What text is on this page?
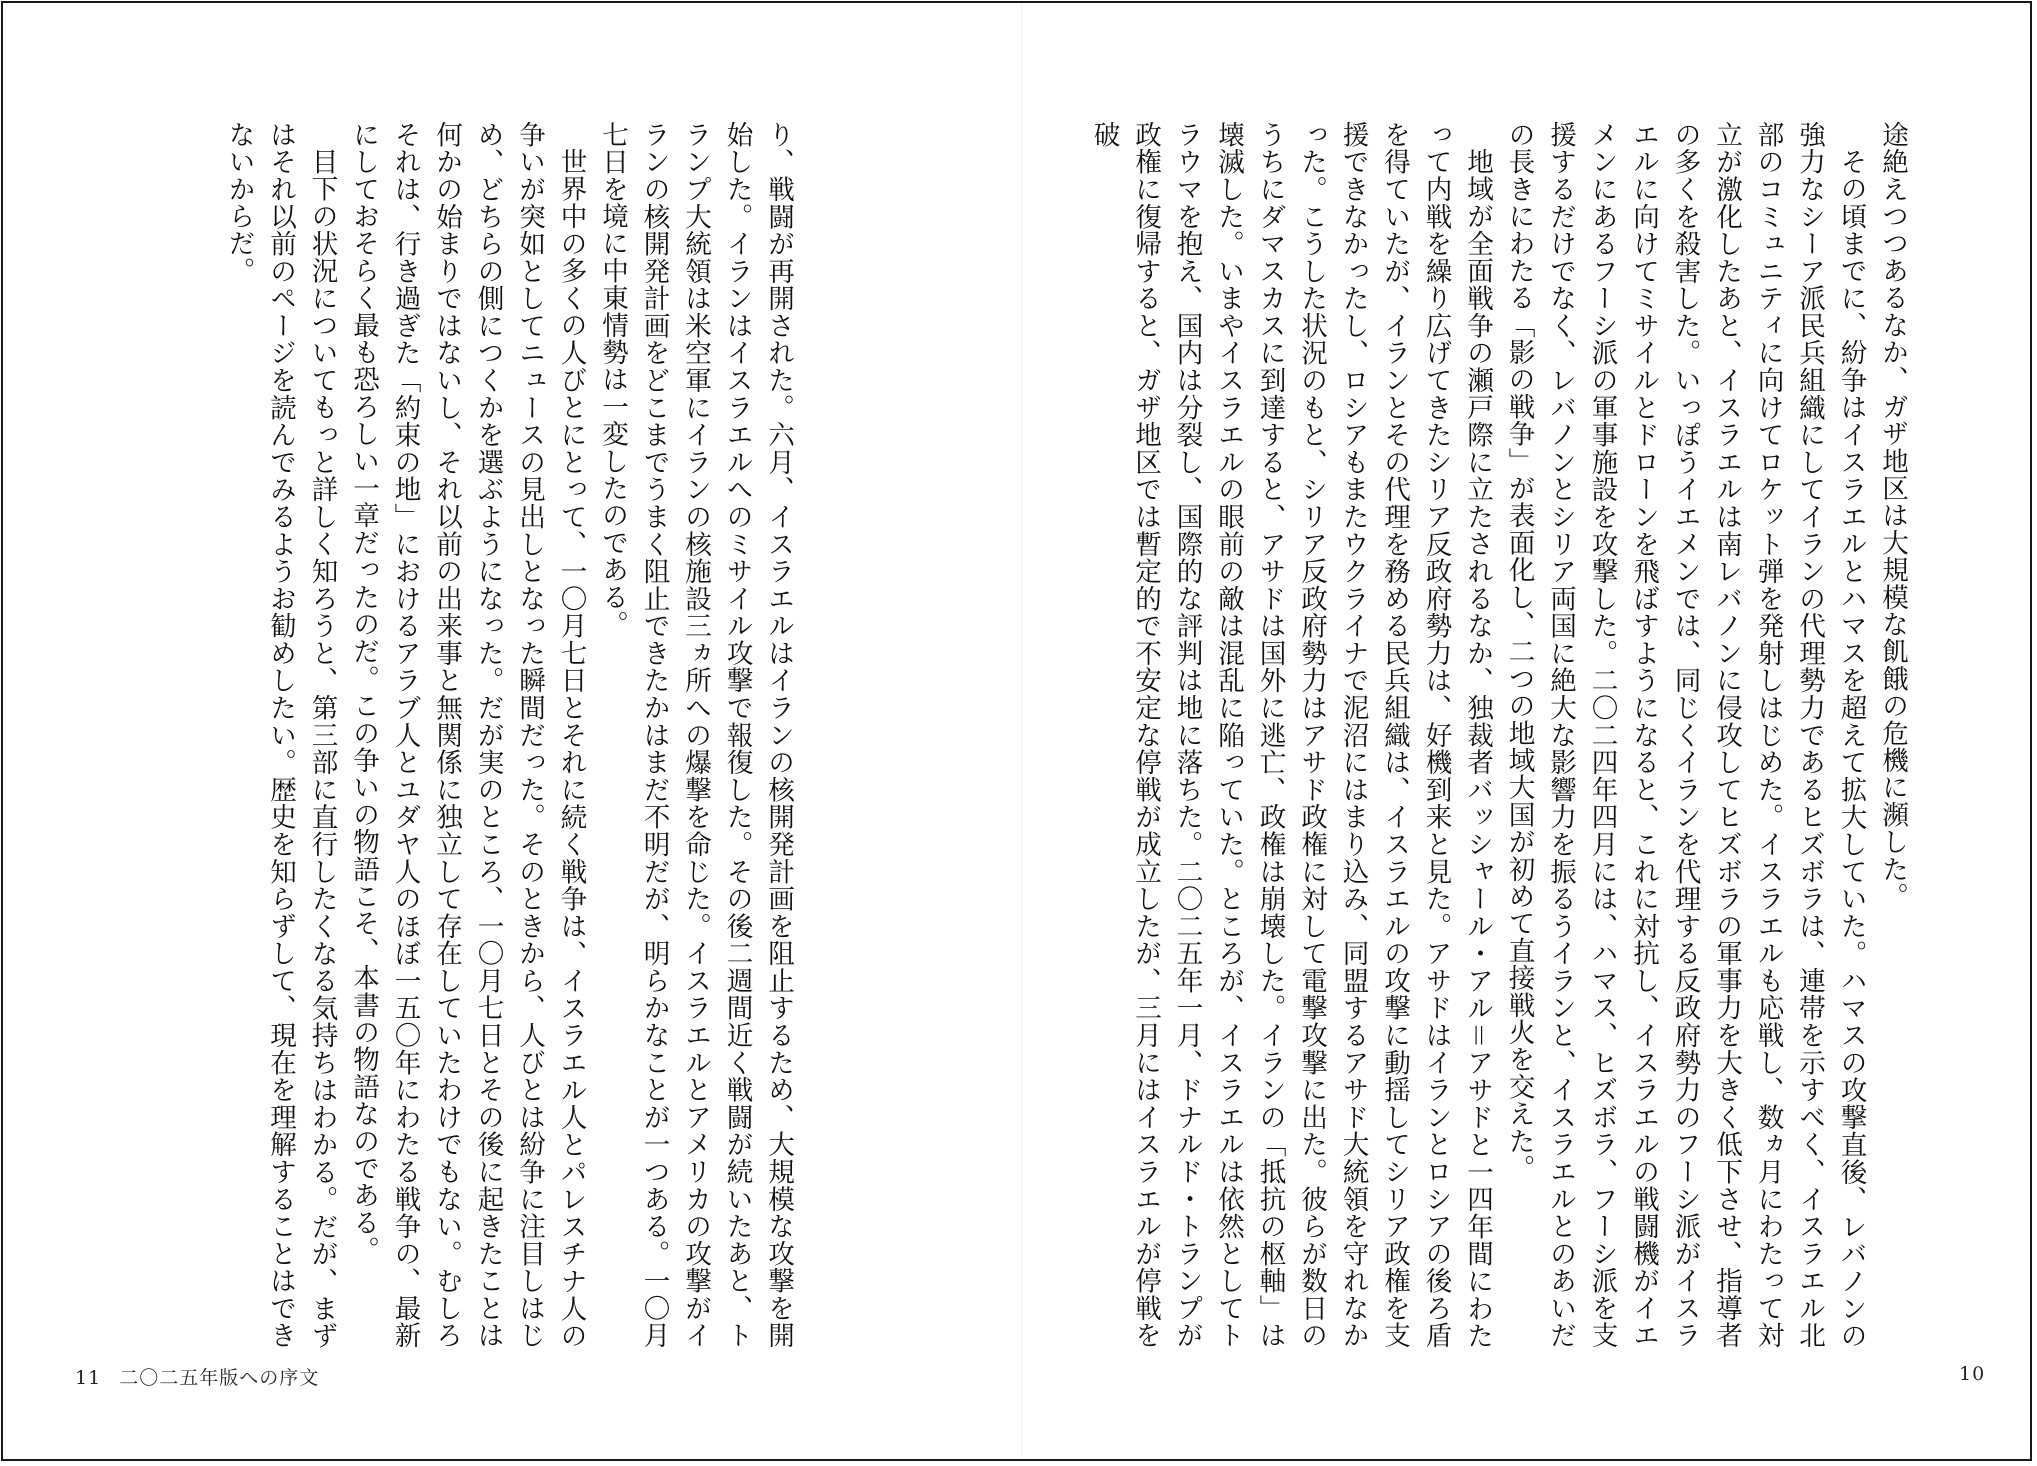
途絶えつつあるなか、ガザ地区は大規模な飢餓の危機に瀕した。

その頃までに、紛争はイスラエルとハマスを超えて拡大していた。ハマスの攻撃直後、レバノンの強力なシーア派民兵組織にしてイランの代理勢力であるヒズボラは、連帯を示すべく、イスラエル北部のコミュニティに向けてロケット弾を発射しはじめた。イスラエルも応戦し、数ヵ月にわたって対立が激化したあと、イスラエルは南レバノンに侵攻してヒズボラの軍事力を大きく低下させ、指導者の多くを殺害した。いっぽうイエメンでは、同じくイランを代理する反政府勢力のフーシ派がイスラエルに向けてミサイルとドローンを飛ばすようになると、これに対抗し、イスラエルの戦闘機がイエメンにあるフーシ派の軍事施設を攻撃した。二〇二四年四月には、ハマス、ヒズボラ、フーシ派を支援するだけでなく、レバノンとシリア両国に絶大な影響力を振るうイランと、イスラエルとのあいだの長きにわたる「影の戦争」が表面化し、二つの地域大国が初めて直接戦火を交えた。

地域が全面戦争の瀬戸際に立たされるなか、独裁者バッシャール・アル＝アサドと一四年間にわたって内戦を繰り広げてきたシリア反政府勢力は、好機到来と見た。アサドはイランとロシアの後ろ盾を得ていたが、イランとその代理を務める民兵組織は、イスラエルの攻撃に動揺してシリア政権を支援できなかったし、ロシアもまたウクライナで泥沼にはまり込み、同盟するアサド大統領を守れなかった。こうした状況のもと、シリア反政府勢力はアサド政権に対して電撃攻撃に出た。彼らが数日のうちにダマスカスに到達すると、アサドは国外に逃亡、政権は崩壊した。イランの「抵抗の枢軸」は壊滅した。いまやイスラエルの眼前の敵は混乱に陥っていた。ところが、イスラエルは依然としてトラウマを抱え、国内は分裂し、国際的な評判は地に落ちた。二〇二五年一月、ドナルド・トランプが政権に復帰すると、ガザ地区では暫定的で不安定な停戦が成立したが、三月にはイスラエルが停戦を破

り、戦闘が再開された。六月、イスラエルはイランの核開発計画を阻止するため、大規模な攻撃を開始した。イランはイスラエルへのミサイル攻撃で報復した。その後二週間近く戦闘が続いたあと、トランプ大統領は米空軍にイランの核施設三ヵ所への爆撃を命じた。イスラエルとアメリカの攻撃がイランの核開発計画をどこまでうまく阻止できたかはまだ不明だが、明らかなことが一つある。一〇月七日を境に中東情勢は一変したのである。

世界中の多くの人びとにとって、一〇月七日とそれに続く戦争は、イスラエル人とパレスチナ人の争いが突如としてニュースの見出しとなった瞬間だった。そのときから、人びとは紛争に注目しはじめ、どちらの側につくかを選ぶようになった。だが実のところ、一〇月七日とその後に起きたことは何かの始まりではないし、それ以前の出来事と無関係に独立して存在していたわけでもない。むしろそれは、行き過ぎた「約束の地」におけるアラブ人とユダヤ人のほぼ一五〇年にわたる戦争の、最新にしておそらく最も恐ろしい一章だったのだ。この争いの物語こそ、本書の物語なのである。

目下の状況についてもっと詳しく知ろうと、第三部に直行したくなる気持ちはわかる。だが、まずはそれ以前のページを読んでみるようお勧めしたい。歴史を知らずして、現在を理解することはできないからだ。

11 二〇二五年版への序文	10
